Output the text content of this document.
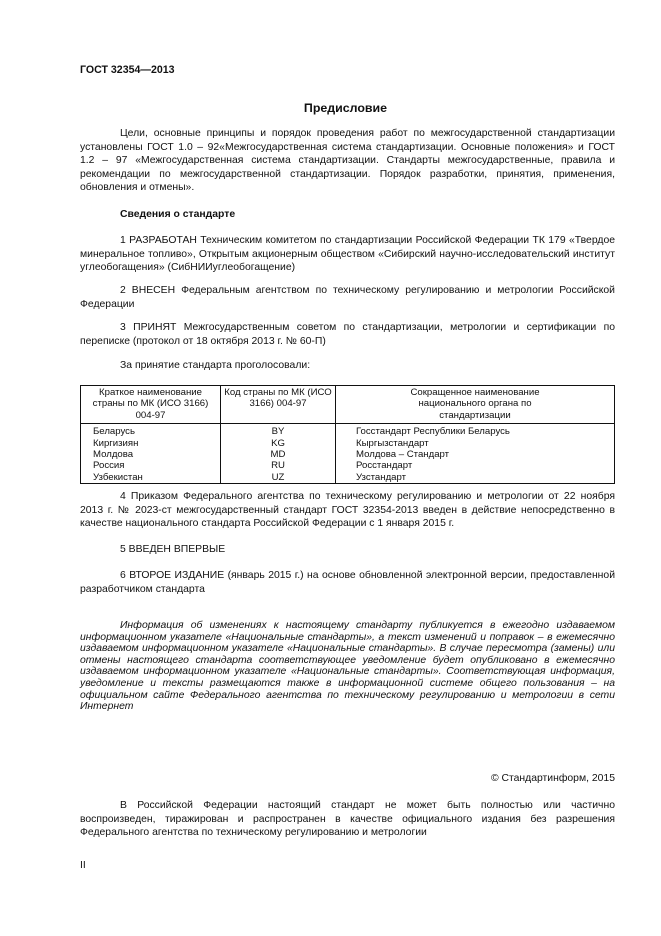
ГОСТ 32354—2013
Предисловие
Цели, основные принципы и порядок проведения работ по межгосударственной стандартизации установлены ГОСТ 1.0 – 92«Межгосударственная система стандартизации. Основные положения» и ГОСТ 1.2 – 97 «Межгосударственная система стандартизации. Стандарты межгосударственные, правила и рекомендации по межгосударственной стандартизации. Порядок разработки, принятия, применения, обновления и отмены».
Сведения о стандарте
1 РАЗРАБОТАН Техническим комитетом по стандартизации Российской Федерации ТК 179 «Твердое минеральное топливо», Открытым акционерным обществом «Сибирский научно-исследовательский институт углеобогащения» (СибНИИуглеобогащение)
2 ВНЕСЕН Федеральным агентством по техническому регулированию и метрологии Российской Федерации
3 ПРИНЯТ Межгосударственным советом по стандартизации, метрологии и сертификации по переписке (протокол от 18 октября 2013 г. № 60-П)
За принятие стандарта проголосовали:
Краткое наименование страны по МК (ИСО 3166) 004-97	Код страны по МК (ИСО 3166) 004-97	Сокращенное наименование национального органа по стандартизации
Беларусь	BY	Госстандарт Республики Беларусь
Киргизиян	KG	Кыргызстандарт
Молдова	MD	Молдова – Стандарт
Россия	RU	Росстандарт
Узбекистан	UZ	Узстандарт
4 Приказом Федерального агентства по техническому регулированию и метрологии от 22 ноября 2013 г. № 2023-ст межгосударственный стандарт ГОСТ 32354-2013 введен в действие непосредственно в качестве национального стандарта Российской Федерации с 1 января 2015 г.
5 ВВЕДЕН ВПЕРВЫЕ
6 ВТОРОЕ ИЗДАНИЕ (январь 2015 г.) на основе обновленной электронной версии, предоставленной разработчиком стандарта
Информация об изменениях к настоящему стандарту публикуется в ежегодно издаваемом информационном указателе «Национальные стандарты», а текст изменений и поправок – в ежемесячно издаваемом информационном указателе «Национальные стандарты». В случае пересмотра (замены) или отмены настоящего стандарта соответствующее уведомление будет опубликовано в ежемесячно издаваемом информационном указателе «Национальные стандарты». Соответствующая информация, уведомление и тексты размещаются также в информационной системе общего пользования – на официальном сайте Федерального агентства по техническому регулированию и метрологии в сети Интернет
© Стандартинформ, 2015
В Российской Федерации настоящий стандарт не может быть полностью или частично воспроизведен, тиражирован и распространен в качестве официального издания без разрешения Федерального агентства по техническому регулированию и метрологии
II
